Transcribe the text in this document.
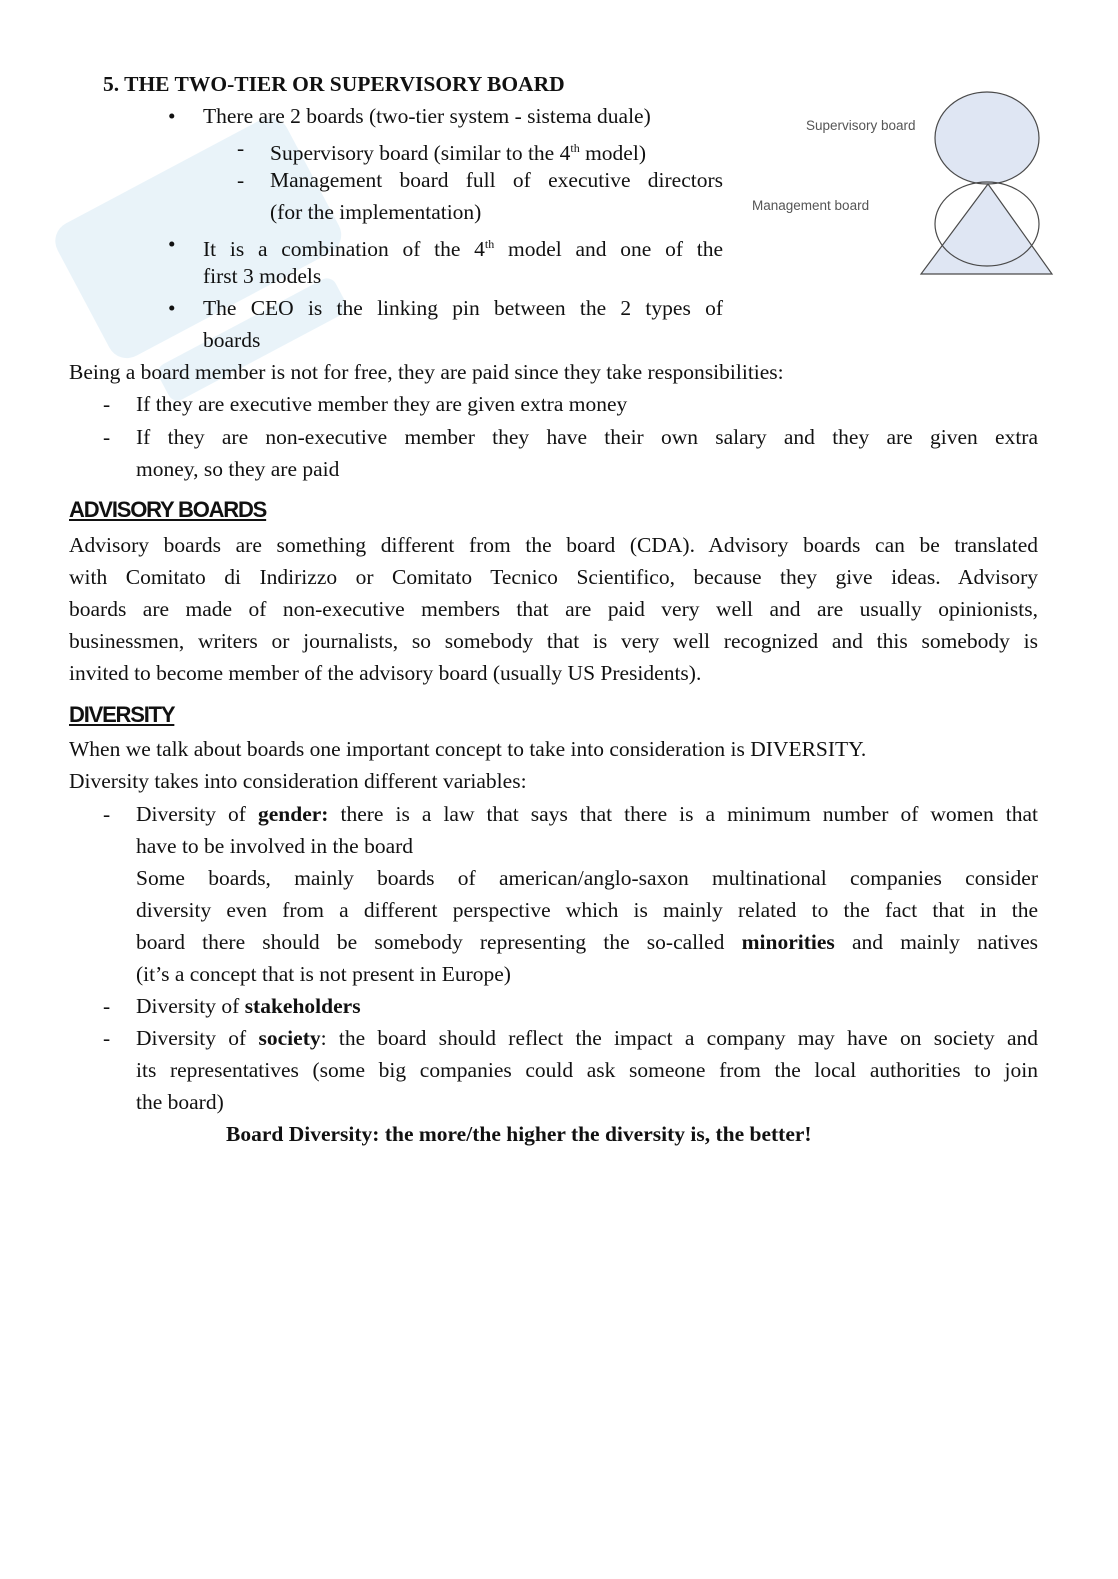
5. THE TWO-TIER OR SUPERVISORY BOARD
• There are 2 boards (two-tier system - sistema duale)
- Supervisory board (similar to the 4th model)
- Management board full of executive directors
(for the implementation)
• It is a combination of the 4th model and one of the
first 3 models
• The CEO is the linking pin between the 2 types of
boards
Being a board member is not for free, they are paid since they take responsibilities:
- If they are executive member they are given extra money
- If they are non-executive member they have their own salary and they are given extra
money, so they are paid
Supervisory board
Management board
ADVISORY BOARDS
Advisory boards are something different from the board (CDA). Advisory boards can be translated
with Comitato di Indirizzo or Comitato Tecnico Scientifico, because they give ideas. Advisory
boards are made of non-executive members that are paid very well and are usually opinionists,
businessmen, writers or journalists, so somebody that is very well recognized and this somebody is
invited to become member of the advisory board (usually US Presidents).
DIVERSITY
When we talk about boards one important concept to take into consideration is DIVERSITY.
Diversity takes into consideration different variables:
- Diversity of gender: there is a law that says that there is a minimum number of women that
have to be involved in the board
Some boards, mainly boards of american/anglo-saxon multinational companies consider
diversity even from a different perspective which is mainly related to the fact that in the
board there should be somebody representing the so-called minorities and mainly natives
(it’s a concept that is not present in Europe)
- Diversity of stakeholders
- Diversity of society: the board should reflect the impact a company may have on society and
its representatives (some big companies could ask someone from the local authorities to join
the board)
Board Diversity: the more/the higher the diversity is, the better!
